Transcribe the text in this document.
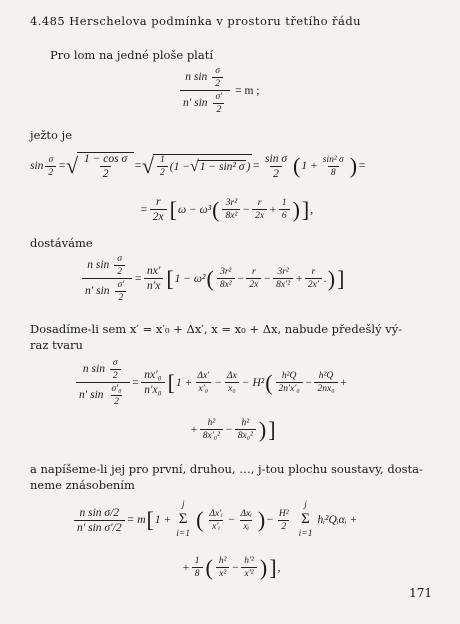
4.485 Herschelova podmínka v prostoru třetího řádu
Pro lom na jedné ploše platí
$\frac{n \sin \frac{\sigma}{2}}{n' \sin \frac{\sigma'}{2}} = m$ ;
ježto je
$\sin \frac{\sigma}{2}$ = √ $\frac{\text{1 − cos σ}}{2}$ = √ $\frac{1}{2} (1$ − √ 1 − sin² σ ) = $\frac{\text{sin σ}}{2}$ ( $1 + \frac{\text{sin² σ}}{8}$ ) =
= $\frac{r}{2x}$ [ ω − ω³ ( $\frac{\text{3r²}}{\text{8x²}} - \frac{r}{2x} + \frac{1}{6}$ ) ] ,
dostáváme
$\frac{n \sin \frac{\sigma}{2}}{n' \sin \frac{\sigma'}{2}} = \frac{nx'}{n'x}$ [ 1 − ω² ( $\frac{\text{3r²}}{\text{8x²}} - \frac{r}{2x} - \frac{\text{3r²}}{\text{8x′²}} + \frac{r}{2x'}$ . ) ]
Dosadíme-li sem x′ = x′₀ + Δx′, x = x₀ + Δx, nabude předešlý vý-
raz tvaru
$\frac{n \sin \frac{\sigma}{2}}{n' \sin \frac{\text{σ′₀}}{2}} = \frac{\text{nx′₀}}{\text{n′x₀}}$ [ $1 + \frac{\Delta x'}{\text{x′₀}} - \frac{\Delta x}{\text{x₀}} - H^2$ ( $\frac{\text{h²Q}}{\text{2n′x′₀}} - \frac{\text{h²Q}}{\text{2nx₀}}$ +
+ $\frac{\text{h²}}{\text{8x′₀²}} - \frac{\text{h²}}{\text{8x₀²}}$ ) ]
a napíšeme-li jej pro první, druhou, …, j-tou plochu soustavy, dosta-
neme znásobením
$\frac{\text{n sin σ/2}}{\text{n′ sin σ′/2}} = m$ [ 1 +
j
Σ
i=1
( $\frac{\text{Δx′ᵢ}}{\text{x′ᵢ}} - \frac{\text{Δxᵢ}}{\text{xᵢ}}$ ) − $\frac{\text{H²}}{2}$
j
Σ
i=1
hᵢ²Qᵢαᵢ +
+ $\frac{1}{8}$ ( $\frac{\text{h²}}{\text{x²}} - \frac{\text{h′²}}{\text{x′²}}$ ) ] ,
171
